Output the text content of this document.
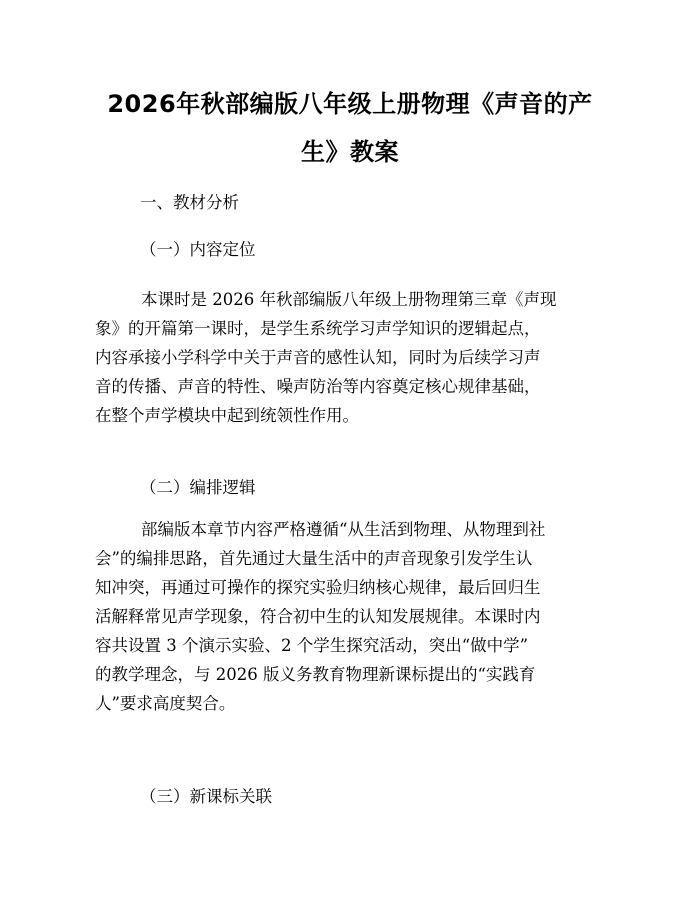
2026年秋部编版八年级上册物理《声音的产
生》教案
一、教材分析
（一）内容定位
本课时是 2026 年秋部编版八年级上册物理第三章《声现
象》的开篇第一课时，是学生系统学习声学知识的逻辑起点，
内容承接小学科学中关于声音的感性认知，同时为后续学习声
音的传播、声音的特性、噪声防治等内容奠定核心规律基础，
在整个声学模块中起到统领性作用。
（二）编排逻辑
部编版本章节内容严格遵循“从生活到物理、从物理到社
会”的编排思路，首先通过大量生活中的声音现象引发学生认
知冲突，再通过可操作的探究实验归纳核心规律，最后回归生
活解释常见声学现象，符合初中生的认知发展规律。本课时内
容共设置 3 个演示实验、2 个学生探究活动，突出“做中学”
的教学理念，与 2026 版义务教育物理新课标提出的“实践育
人”要求高度契合。
（三）新课标关联
